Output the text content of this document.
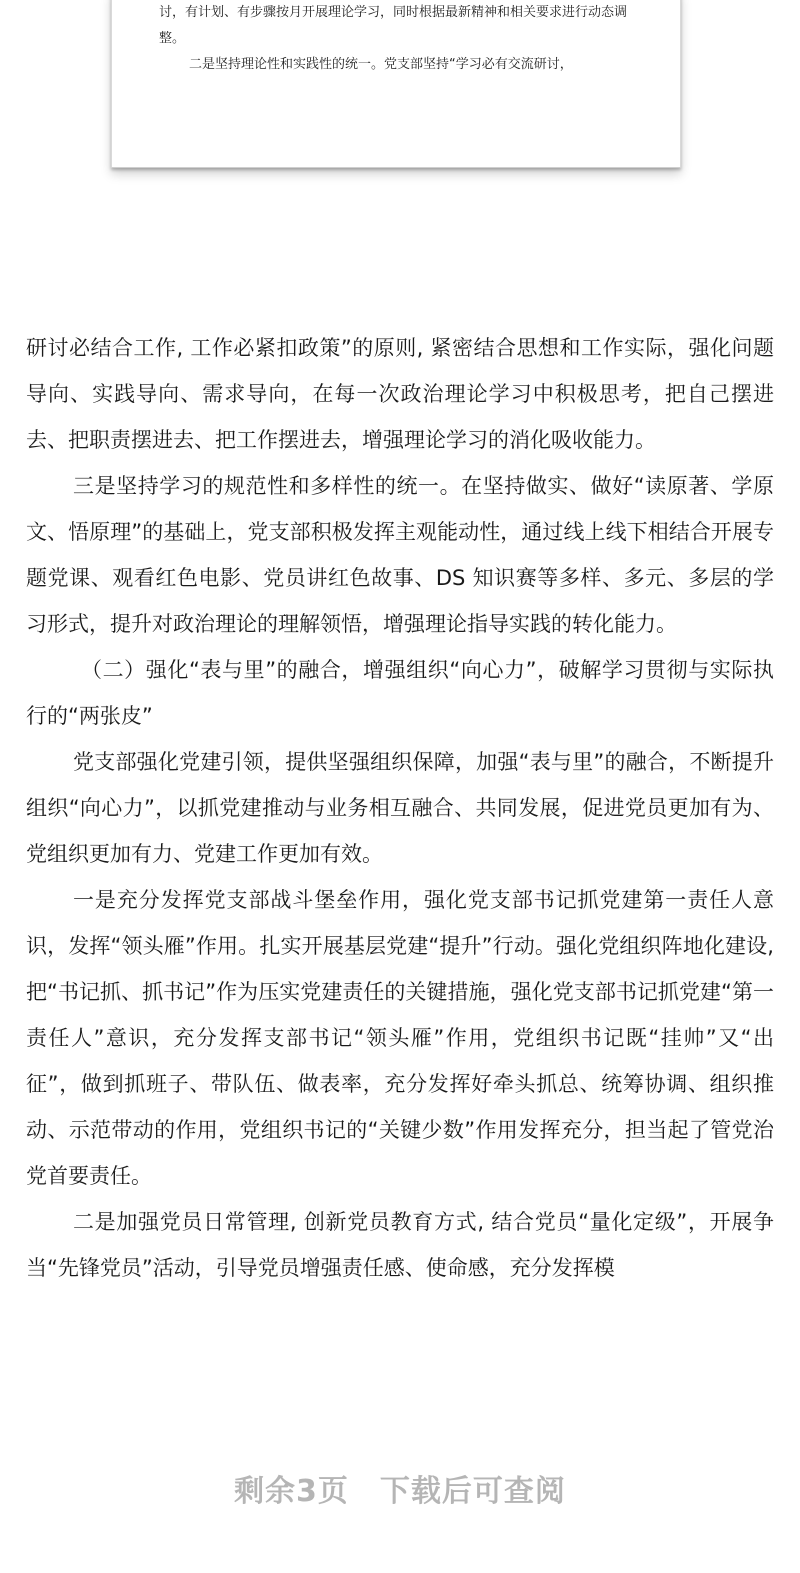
讨，有计划、有步骤按月开展理论学习，同时根据最新精神和相关要求进行动态调整。
二是坚持理论性和实践性的统一。党支部坚持“学习必有交流研讨，

研讨必结合工作, 工作必紧扣政策”的原则, 紧密结合思想和工作实际，强化问题导向、实践导向、需求导向，在每一次政治理论学习中积极思考，把自己摆进去、把职责摆进去、把工作摆进去，增强理论学习的消化吸收能力。

三是坚持学习的规范性和多样性的统一。在坚持做实、做好“读原著、学原文、悟原理”的基础上，党支部积极发挥主观能动性，通过线上线下相结合开展专题党课、观看红色电影、党员讲红色故事、DS 知识赛等多样、多元、多层的学习形式，提升对政治理论的理解领悟，增强理论指导实践的转化能力。

（二）强化“表与里”的融合，增强组织“向心力”，破解学习贯彻与实际执行的“两张皮”

党支部强化党建引领，提供坚强组织保障，加强“表与里”的融合，不断提升组织“向心力”，以抓党建推动与业务相互融合、共同发展，促进党员更加有为、党组织更加有力、党建工作更加有效。

一是充分发挥党支部战斗堡垒作用，强化党支部书记抓党建第一责任人意识，发挥“领头雁”作用。扎实开展基层党建“提升”行动。强化党组织阵地化建设, 把“书记抓、抓书记”作为压实党建责任的关键措施，强化党支部书记抓党建“第一责任人”意识，充分发挥支部书记“领头雁”作用，党组织书记既“挂帅”又“出征”，做到抓班子、带队伍、做表率，充分发挥好牵头抓总、统筹协调、组织推动、示范带动的作用，党组织书记的“关键少数”作用发挥充分，担当起了管党治党首要责任。

二是加强党员日常管理, 创新党员教育方式, 结合党员“量化定级”，开展争当“先锋党员”活动，引导党员增强责任感、使命感，充分发挥模

剩余3页　下载后可查阅
